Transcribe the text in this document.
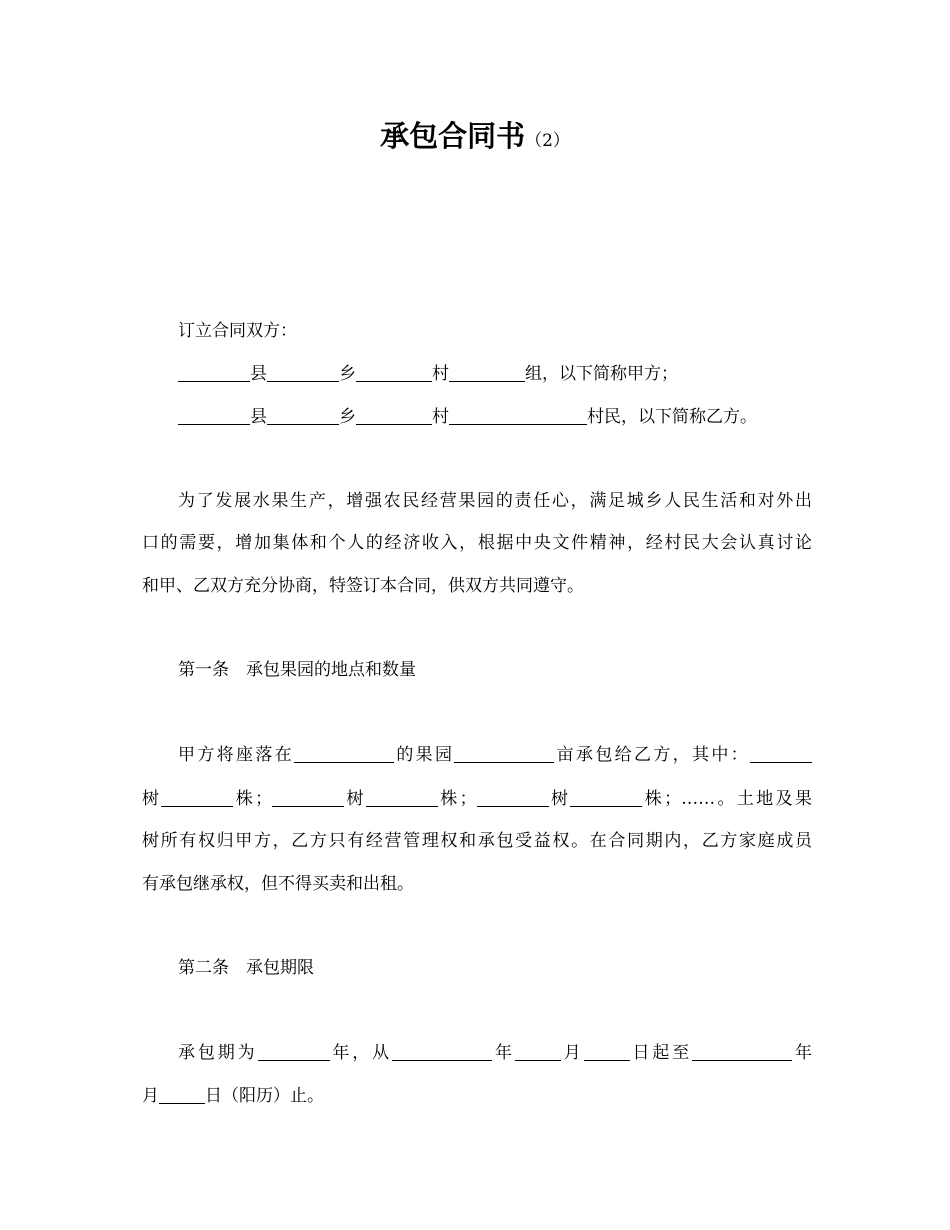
承包合同书（2）
订立合同双方：
县	乡	村	组，以下简称甲方；
县	乡	村	村民，以下简称乙方。
为了发展水果生产，增强农民经营果园的责任心，满足城乡人民生活和对外出
口的需要，增加集体和个人的经济收入，根据中央文件精神，经村民大会认真讨论
和甲、乙双方充分协商，特签订本合同，供双方共同遵守。
第一条　承包果园的地点和数量
甲方将座落在	的果园	亩承包给乙方，其中：
树	株；	树	株；	树	株；……。土地及果
树所有权归甲方，乙方只有经营管理权和承包受益权。在合同期内，乙方家庭成员
有承包继承权，但不得买卖和出租。
第二条　承包期限
承包期为	年，从	年	月	日起至	年
月	日（阳历）止。
